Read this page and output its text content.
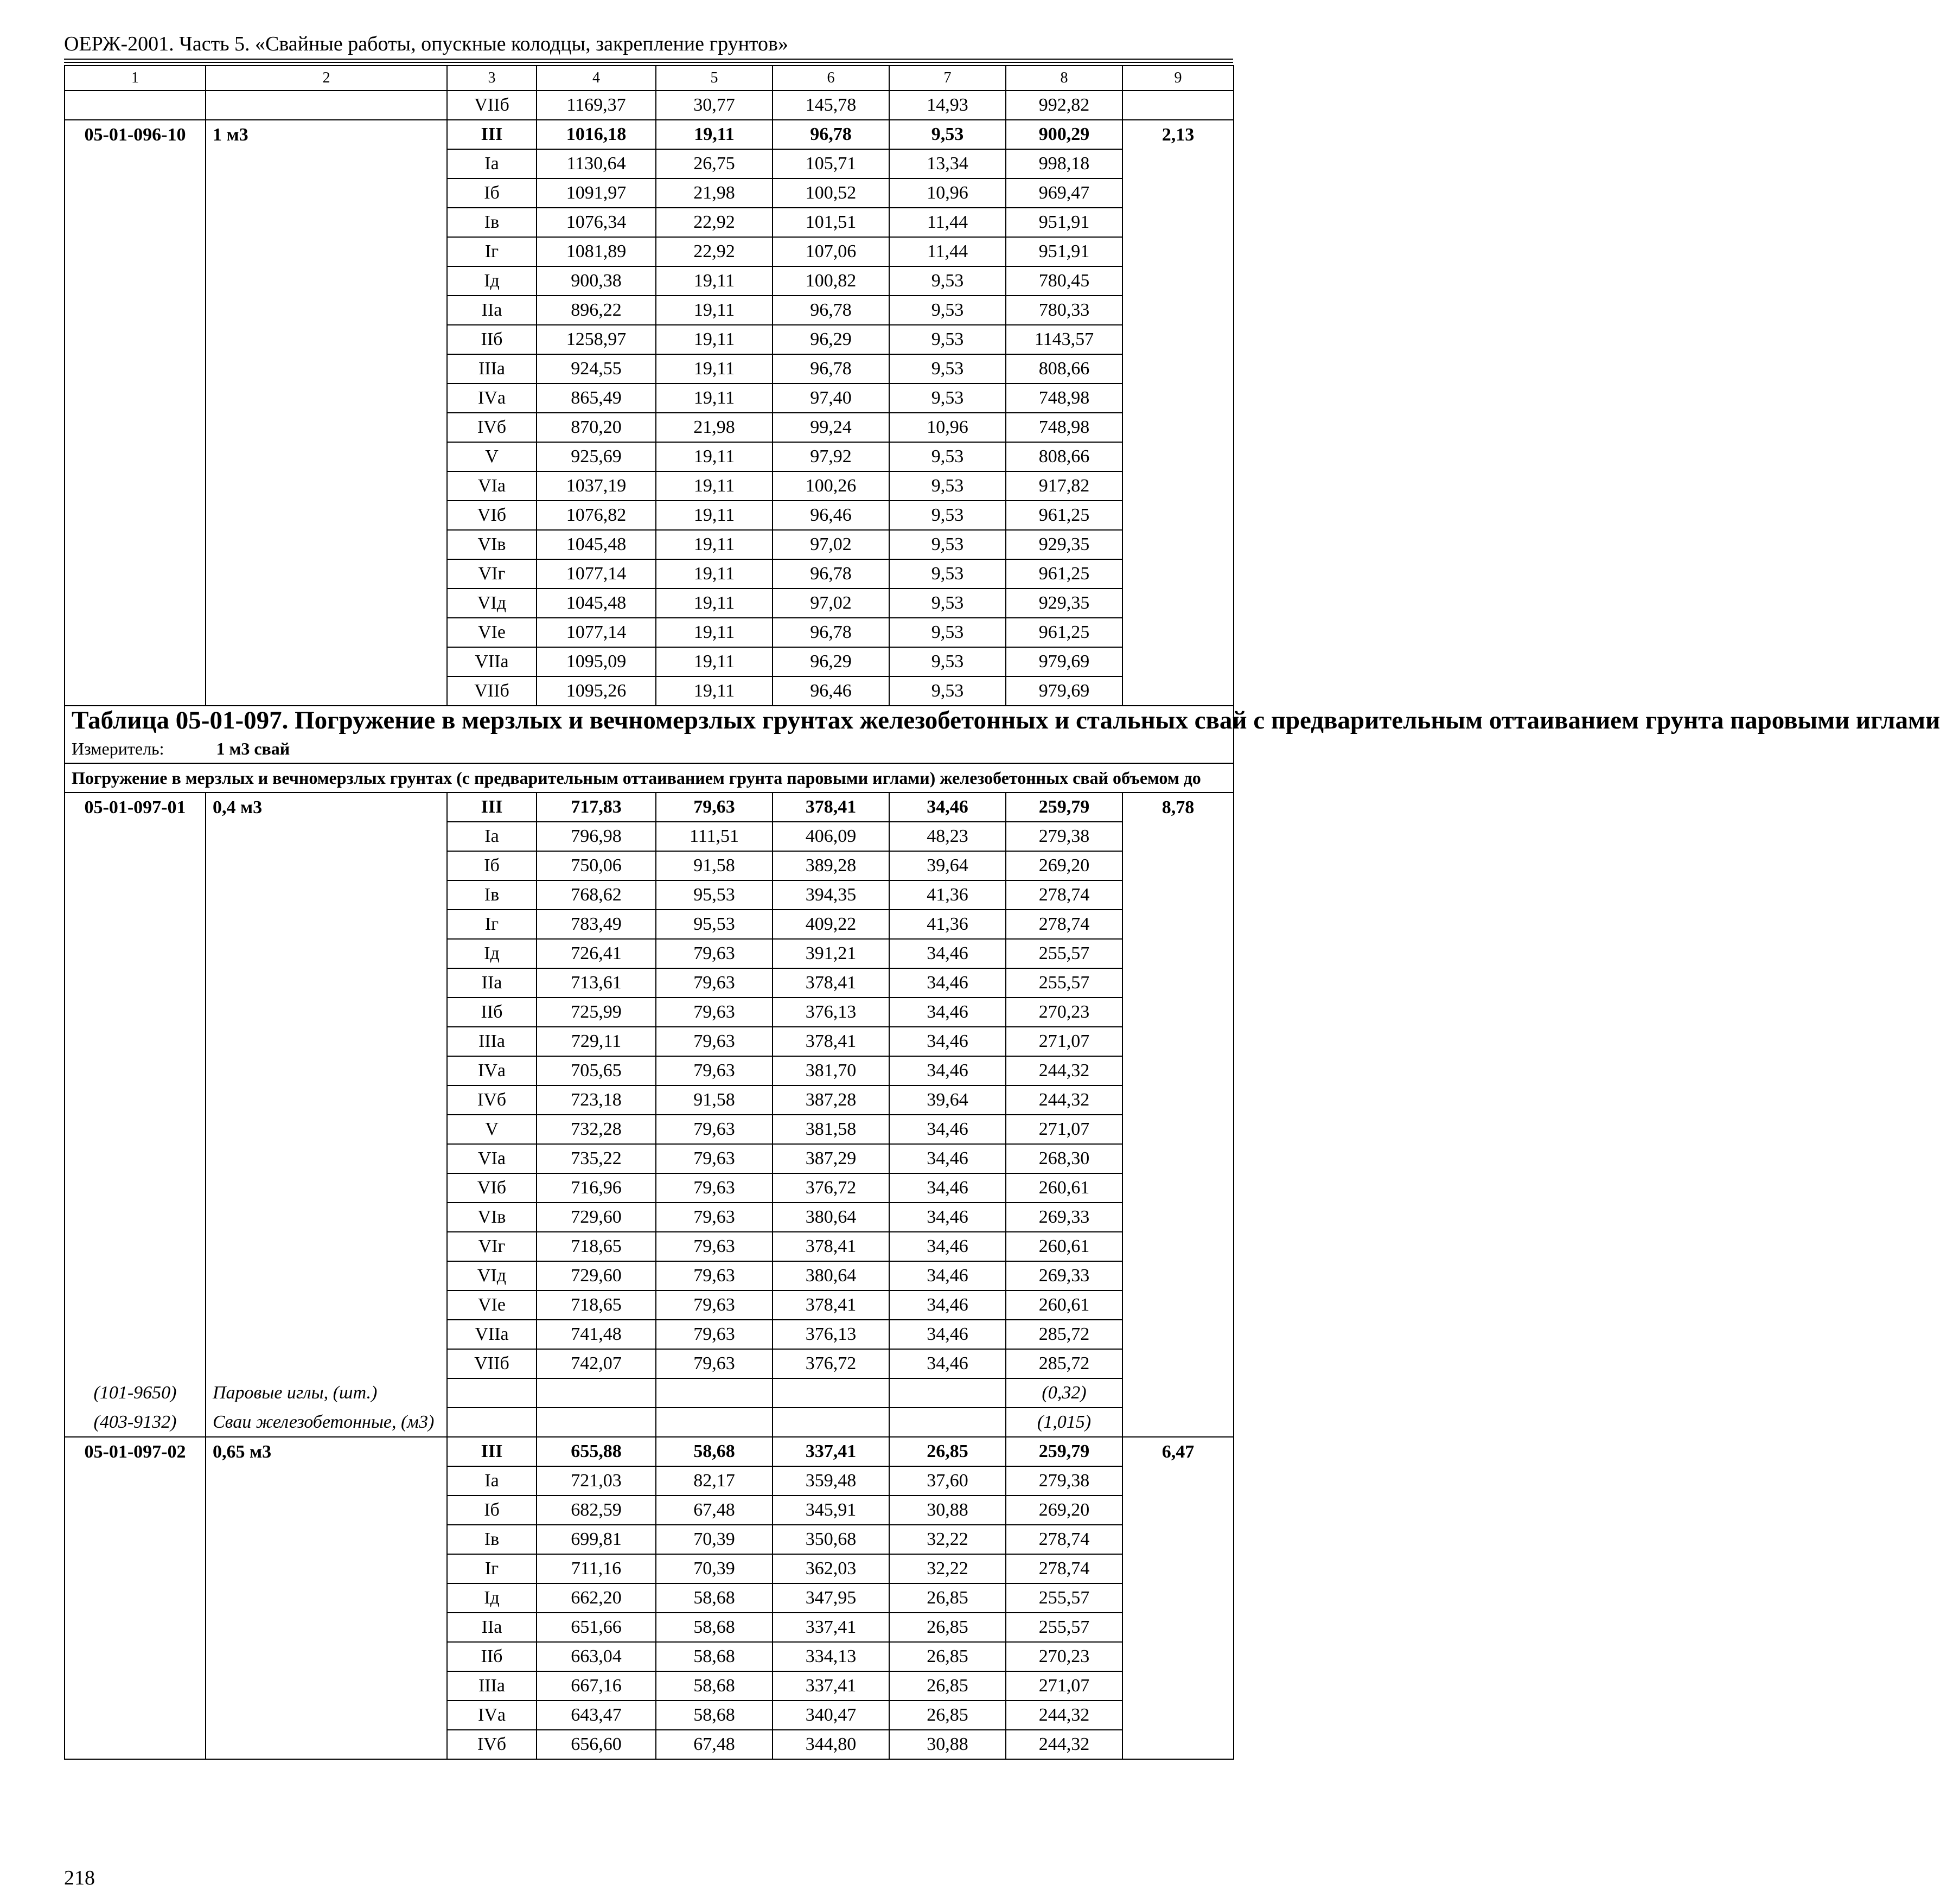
ОЕРЖ-2001. Часть 5. «Свайные работы, опускные колодцы, закрепление грунтов»
1	2	3	4	5	6	7	8	9
		VIIб	1169,37	30,77	145,78	14,93	992,82	
05-01-096-10	1 м3	III	1016,18	19,11	96,78	9,53	900,29	2,13
		Iа	1130,64	26,75	105,71	13,34	998,18	
		Iб	1091,97	21,98	100,52	10,96	969,47	
		Iв	1076,34	22,92	101,51	11,44	951,91	
		Iг	1081,89	22,92	107,06	11,44	951,91	
		Iд	900,38	19,11	100,82	9,53	780,45	
		IIа	896,22	19,11	96,78	9,53	780,33	
		IIб	1258,97	19,11	96,29	9,53	1143,57	
		IIIа	924,55	19,11	96,78	9,53	808,66	
		IVа	865,49	19,11	97,40	9,53	748,98	
		IVб	870,20	21,98	99,24	10,96	748,98	
		V	925,69	19,11	97,92	9,53	808,66	
		VIа	1037,19	19,11	100,26	9,53	917,82	
		VIб	1076,82	19,11	96,46	9,53	961,25	
		VIв	1045,48	19,11	97,02	9,53	929,35	
		VIг	1077,14	19,11	96,78	9,53	961,25	
		VIд	1045,48	19,11	97,02	9,53	929,35	
		VIе	1077,14	19,11	96,78	9,53	961,25	
		VIIа	1095,09	19,11	96,29	9,53	979,69	
		VIIб	1095,26	19,11	96,46	9,53	979,69	
Таблица 05-01-097. Погружение в мерзлых и вечномерзлых грунтах железобетонных и стальных свай с предварительным оттаиванием грунта паровыми иглами								
Измеритель: 1 м3 свай								
Погружение в мерзлых и вечномерзлых грунтах (с предварительным оттаиванием грунта паровыми иглами) железобетонных свай объемом до								
05-01-097-01	0,4 м3	III	717,83	79,63	378,41	34,46	259,79	8,78
		Iа	796,98	111,51	406,09	48,23	279,38	
		Iб	750,06	91,58	389,28	39,64	269,20	
		Iв	768,62	95,53	394,35	41,36	278,74	
		Iг	783,49	95,53	409,22	41,36	278,74	
		Iд	726,41	79,63	391,21	34,46	255,57	
		IIа	713,61	79,63	378,41	34,46	255,57	
		IIб	725,99	79,63	376,13	34,46	270,23	
		IIIа	729,11	79,63	378,41	34,46	271,07	
		IVа	705,65	79,63	381,70	34,46	244,32	
		IVб	723,18	91,58	387,28	39,64	244,32	
		V	732,28	79,63	381,58	34,46	271,07	
		VIа	735,22	79,63	387,29	34,46	268,30	
		VIб	716,96	79,63	376,72	34,46	260,61	
		VIв	729,60	79,63	380,64	34,46	269,33	
		VIг	718,65	79,63	378,41	34,46	260,61	
		VIд	729,60	79,63	380,64	34,46	269,33	
		VIе	718,65	79,63	378,41	34,46	260,61	
		VIIа	741,48	79,63	376,13	34,46	285,72	
		VIIб	742,07	79,63	376,72	34,46	285,72	
(101-9650)	Паровые иглы, (шт.)						(0,32)	
(403-9132)	Сваи железобетонные, (м3)						(1,015)	
05-01-097-02	0,65 м3	III	655,88	58,68	337,41	26,85	259,79	6,47
		Iа	721,03	82,17	359,48	37,60	279,38	
		Iб	682,59	67,48	345,91	30,88	269,20	
		Iв	699,81	70,39	350,68	32,22	278,74	
		Iг	711,16	70,39	362,03	32,22	278,74	
		Iд	662,20	58,68	347,95	26,85	255,57	
		IIа	651,66	58,68	337,41	26,85	255,57	
		IIб	663,04	58,68	334,13	26,85	270,23	
		IIIа	667,16	58,68	337,41	26,85	271,07	
		IVа	643,47	58,68	340,47	26,85	244,32	
		IVб	656,60	67,48	344,80	30,88	244,32	
218
